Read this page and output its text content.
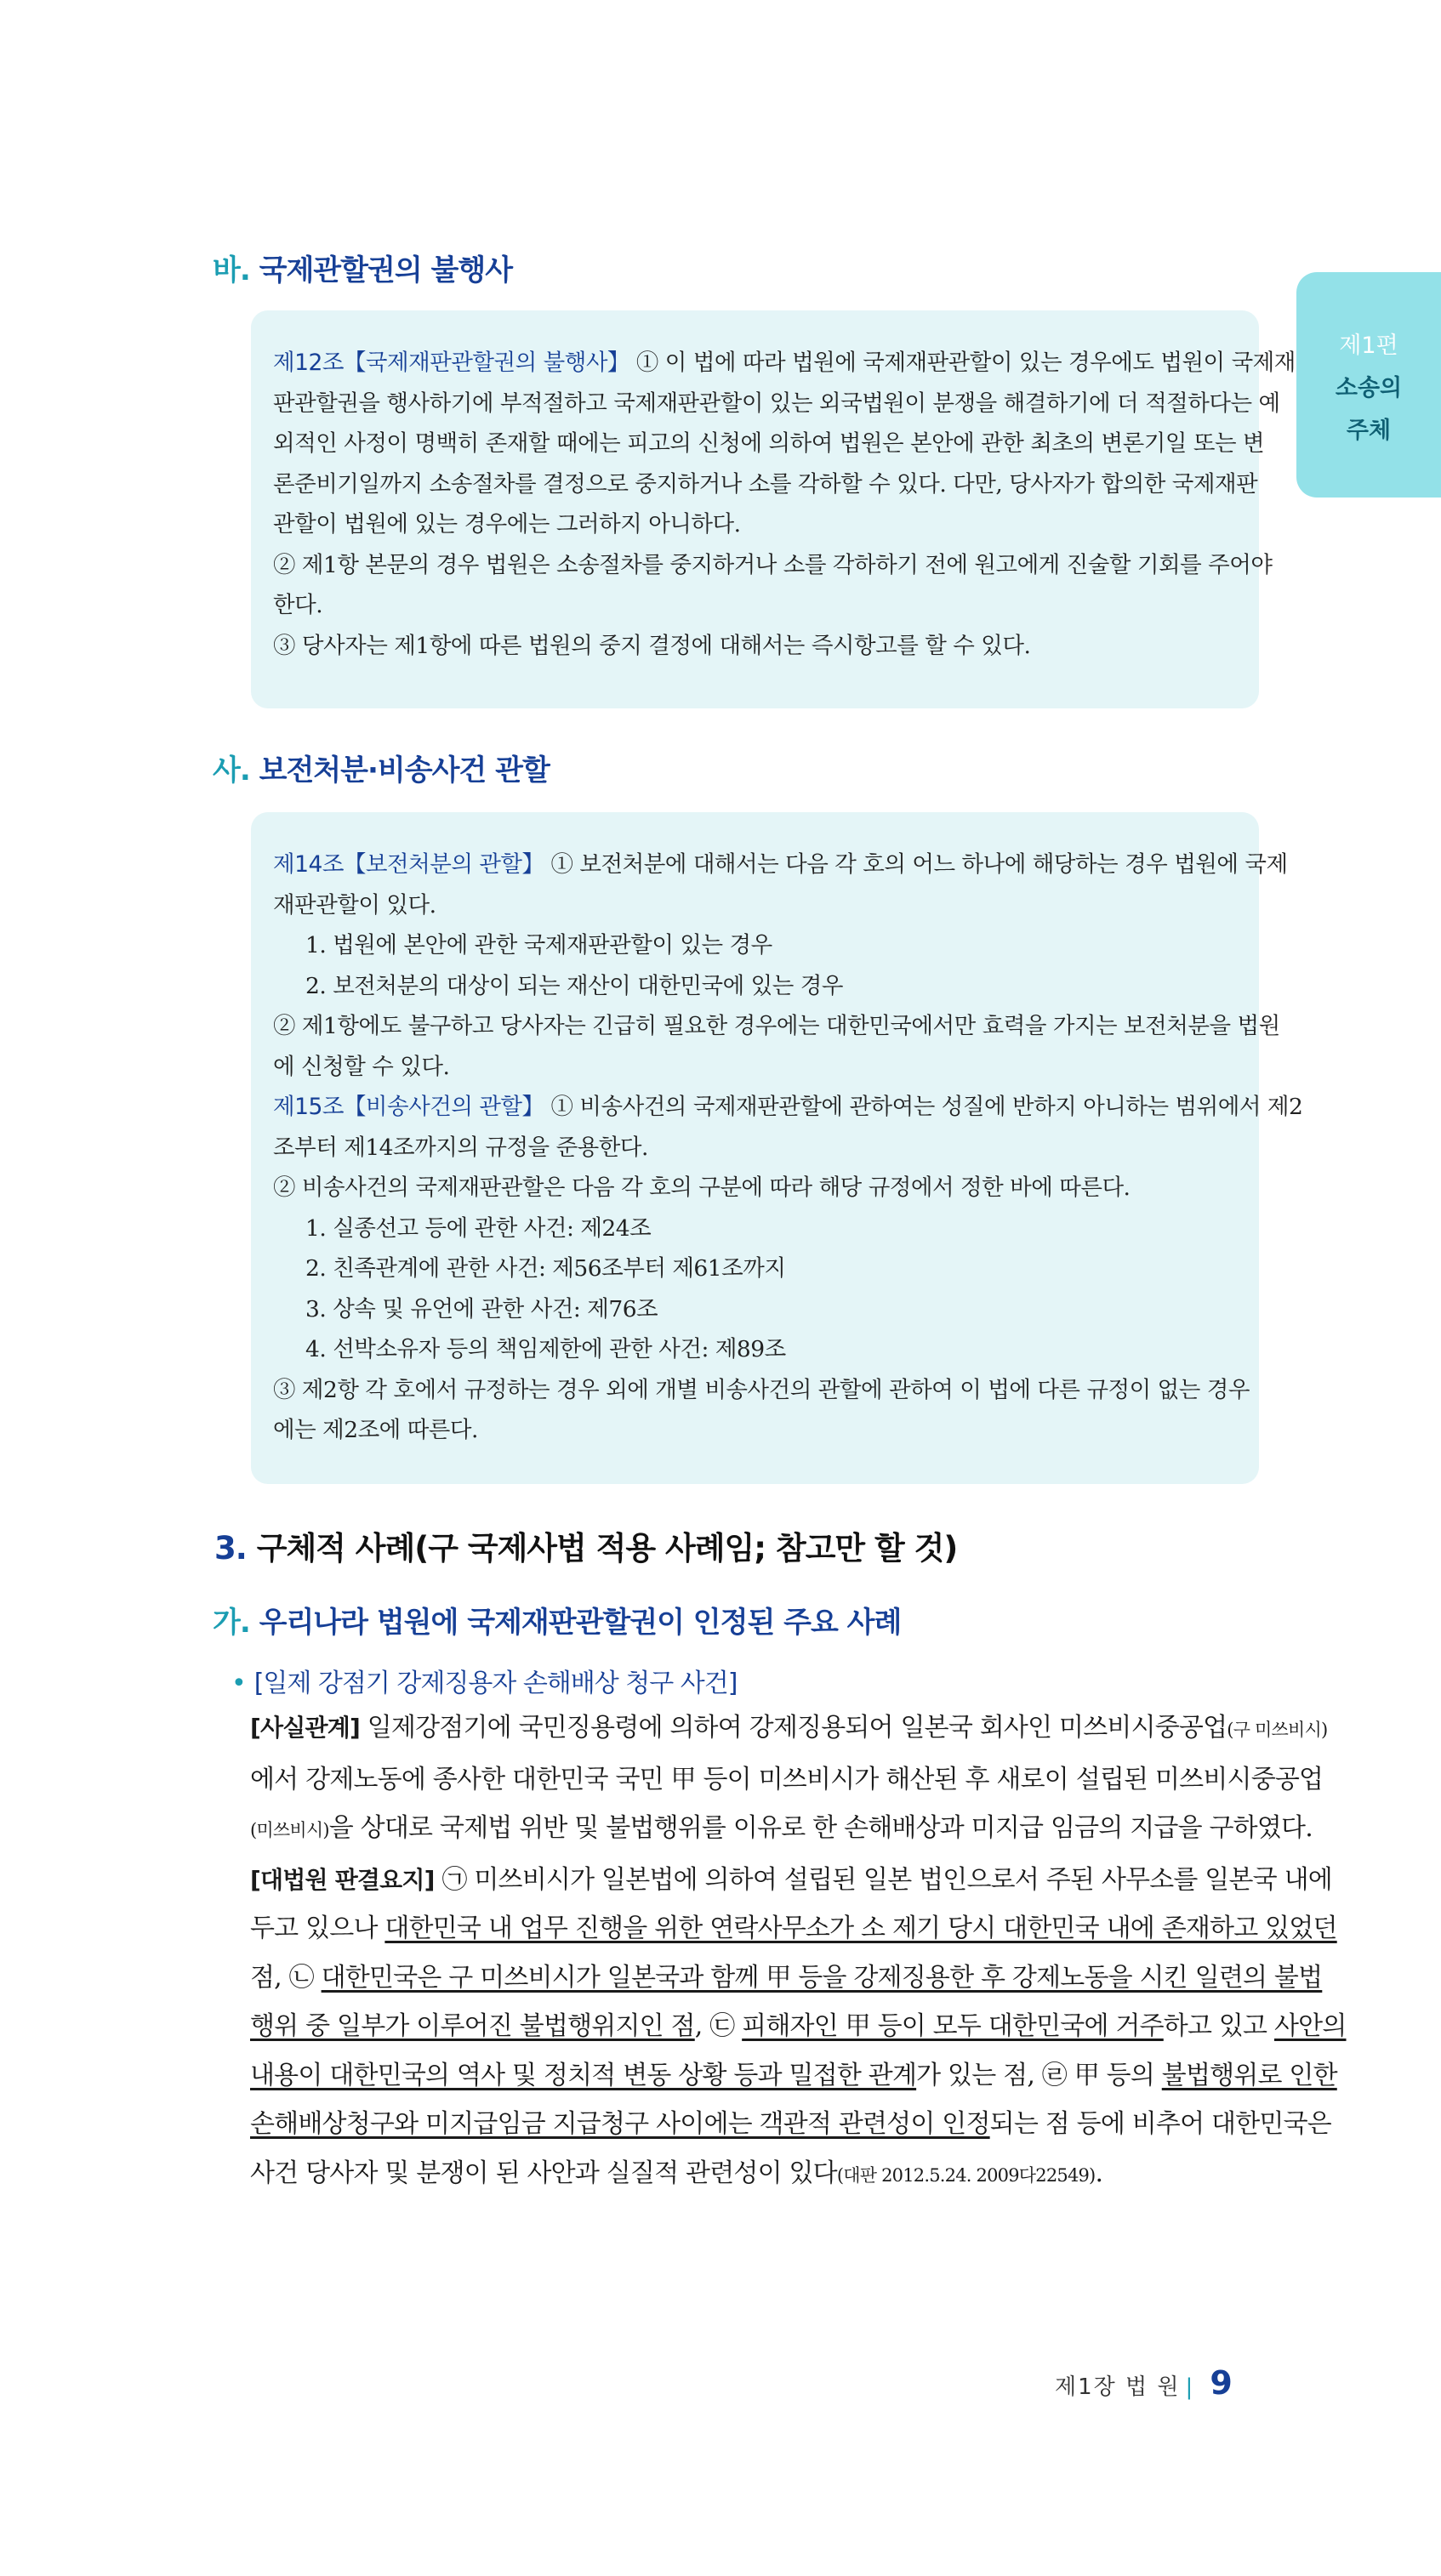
제1편
소송의
주체
바. 국제관할권의 불행사
제12조【국제재판관할권의 불행사】 ① 이 법에 따라 법원에 국제재판관할이 있는 경우에도 법원이 국제재
판관할권을 행사하기에 부적절하고 국제재판관할이 있는 외국법원이 분쟁을 해결하기에 더 적절하다는 예
외적인 사정이 명백히 존재할 때에는 피고의 신청에 의하여 법원은 본안에 관한 최초의 변론기일 또는 변
론준비기일까지 소송절차를 결정으로 중지하거나 소를 각하할 수 있다. 다만, 당사자가 합의한 국제재판
관할이 법원에 있는 경우에는 그러하지 아니하다.
② 제1항 본문의 경우 법원은 소송절차를 중지하거나 소를 각하하기 전에 원고에게 진술할 기회를 주어야
한다.
③ 당사자는 제1항에 따른 법원의 중지 결정에 대해서는 즉시항고를 할 수 있다.
사. 보전처분·비송사건 관할
제14조【보전처분의 관할】 ① 보전처분에 대해서는 다음 각 호의 어느 하나에 해당하는 경우 법원에 국제
재판관할이 있다.
1. 법원에 본안에 관한 국제재판관할이 있는 경우
2. 보전처분의 대상이 되는 재산이 대한민국에 있는 경우
② 제1항에도 불구하고 당사자는 긴급히 필요한 경우에는 대한민국에서만 효력을 가지는 보전처분을 법원
에 신청할 수 있다.
제15조【비송사건의 관할】 ① 비송사건의 국제재판관할에 관하여는 성질에 반하지 아니하는 범위에서 제2
조부터 제14조까지의 규정을 준용한다.
② 비송사건의 국제재판관할은 다음 각 호의 구분에 따라 해당 규정에서 정한 바에 따른다.
1. 실종선고 등에 관한 사건: 제24조
2. 친족관계에 관한 사건: 제56조부터 제61조까지
3. 상속 및 유언에 관한 사건: 제76조
4. 선박소유자 등의 책임제한에 관한 사건: 제89조
③ 제2항 각 호에서 규정하는 경우 외에 개별 비송사건의 관할에 관하여 이 법에 다른 규정이 없는 경우
에는 제2조에 따른다.
3. 구체적 사례(구 국제사법 적용 사례임; 참고만 할 것)
가. 우리나라 법원에 국제재판관할권이 인정된 주요 사례
• [일제 강점기 강제징용자 손해배상 청구 사건]
[사실관계] 일제강점기에 국민징용령에 의하여 강제징용되어 일본국 회사인 미쓰비시중공업(구 미쓰비시)
에서 강제노동에 종사한 대한민국 국민 甲 등이 미쓰비시가 해산된 후 새로이 설립된 미쓰비시중공업
(미쓰비시)을 상대로 국제법 위반 및 불법행위를 이유로 한 손해배상과 미지급 임금의 지급을 구하였다.
[대법원 판결요지] ㉠ 미쓰비시가 일본법에 의하여 설립된 일본 법인으로서 주된 사무소를 일본국 내에
두고 있으나 대한민국 내 업무 진행을 위한 연락사무소가 소 제기 당시 대한민국 내에 존재하고 있었던
점, ㉡ 대한민국은 구 미쓰비시가 일본국과 함께 甲 등을 강제징용한 후 강제노동을 시킨 일련의 불법
행위 중 일부가 이루어진 불법행위지인 점, ㉢ 피해자인 甲 등이 모두 대한민국에 거주하고 있고 사안의
내용이 대한민국의 역사 및 정치적 변동 상황 등과 밀접한 관계가 있는 점, ㉣ 甲 등의 불법행위로 인한
손해배상청구와 미지급임금 지급청구 사이에는 객관적 관련성이 인정되는 점 등에 비추어 대한민국은
사건 당사자 및 분쟁이 된 사안과 실질적 관련성이 있다(대판 2012.5.24. 2009다22549).
제1장 법 원 | 9
